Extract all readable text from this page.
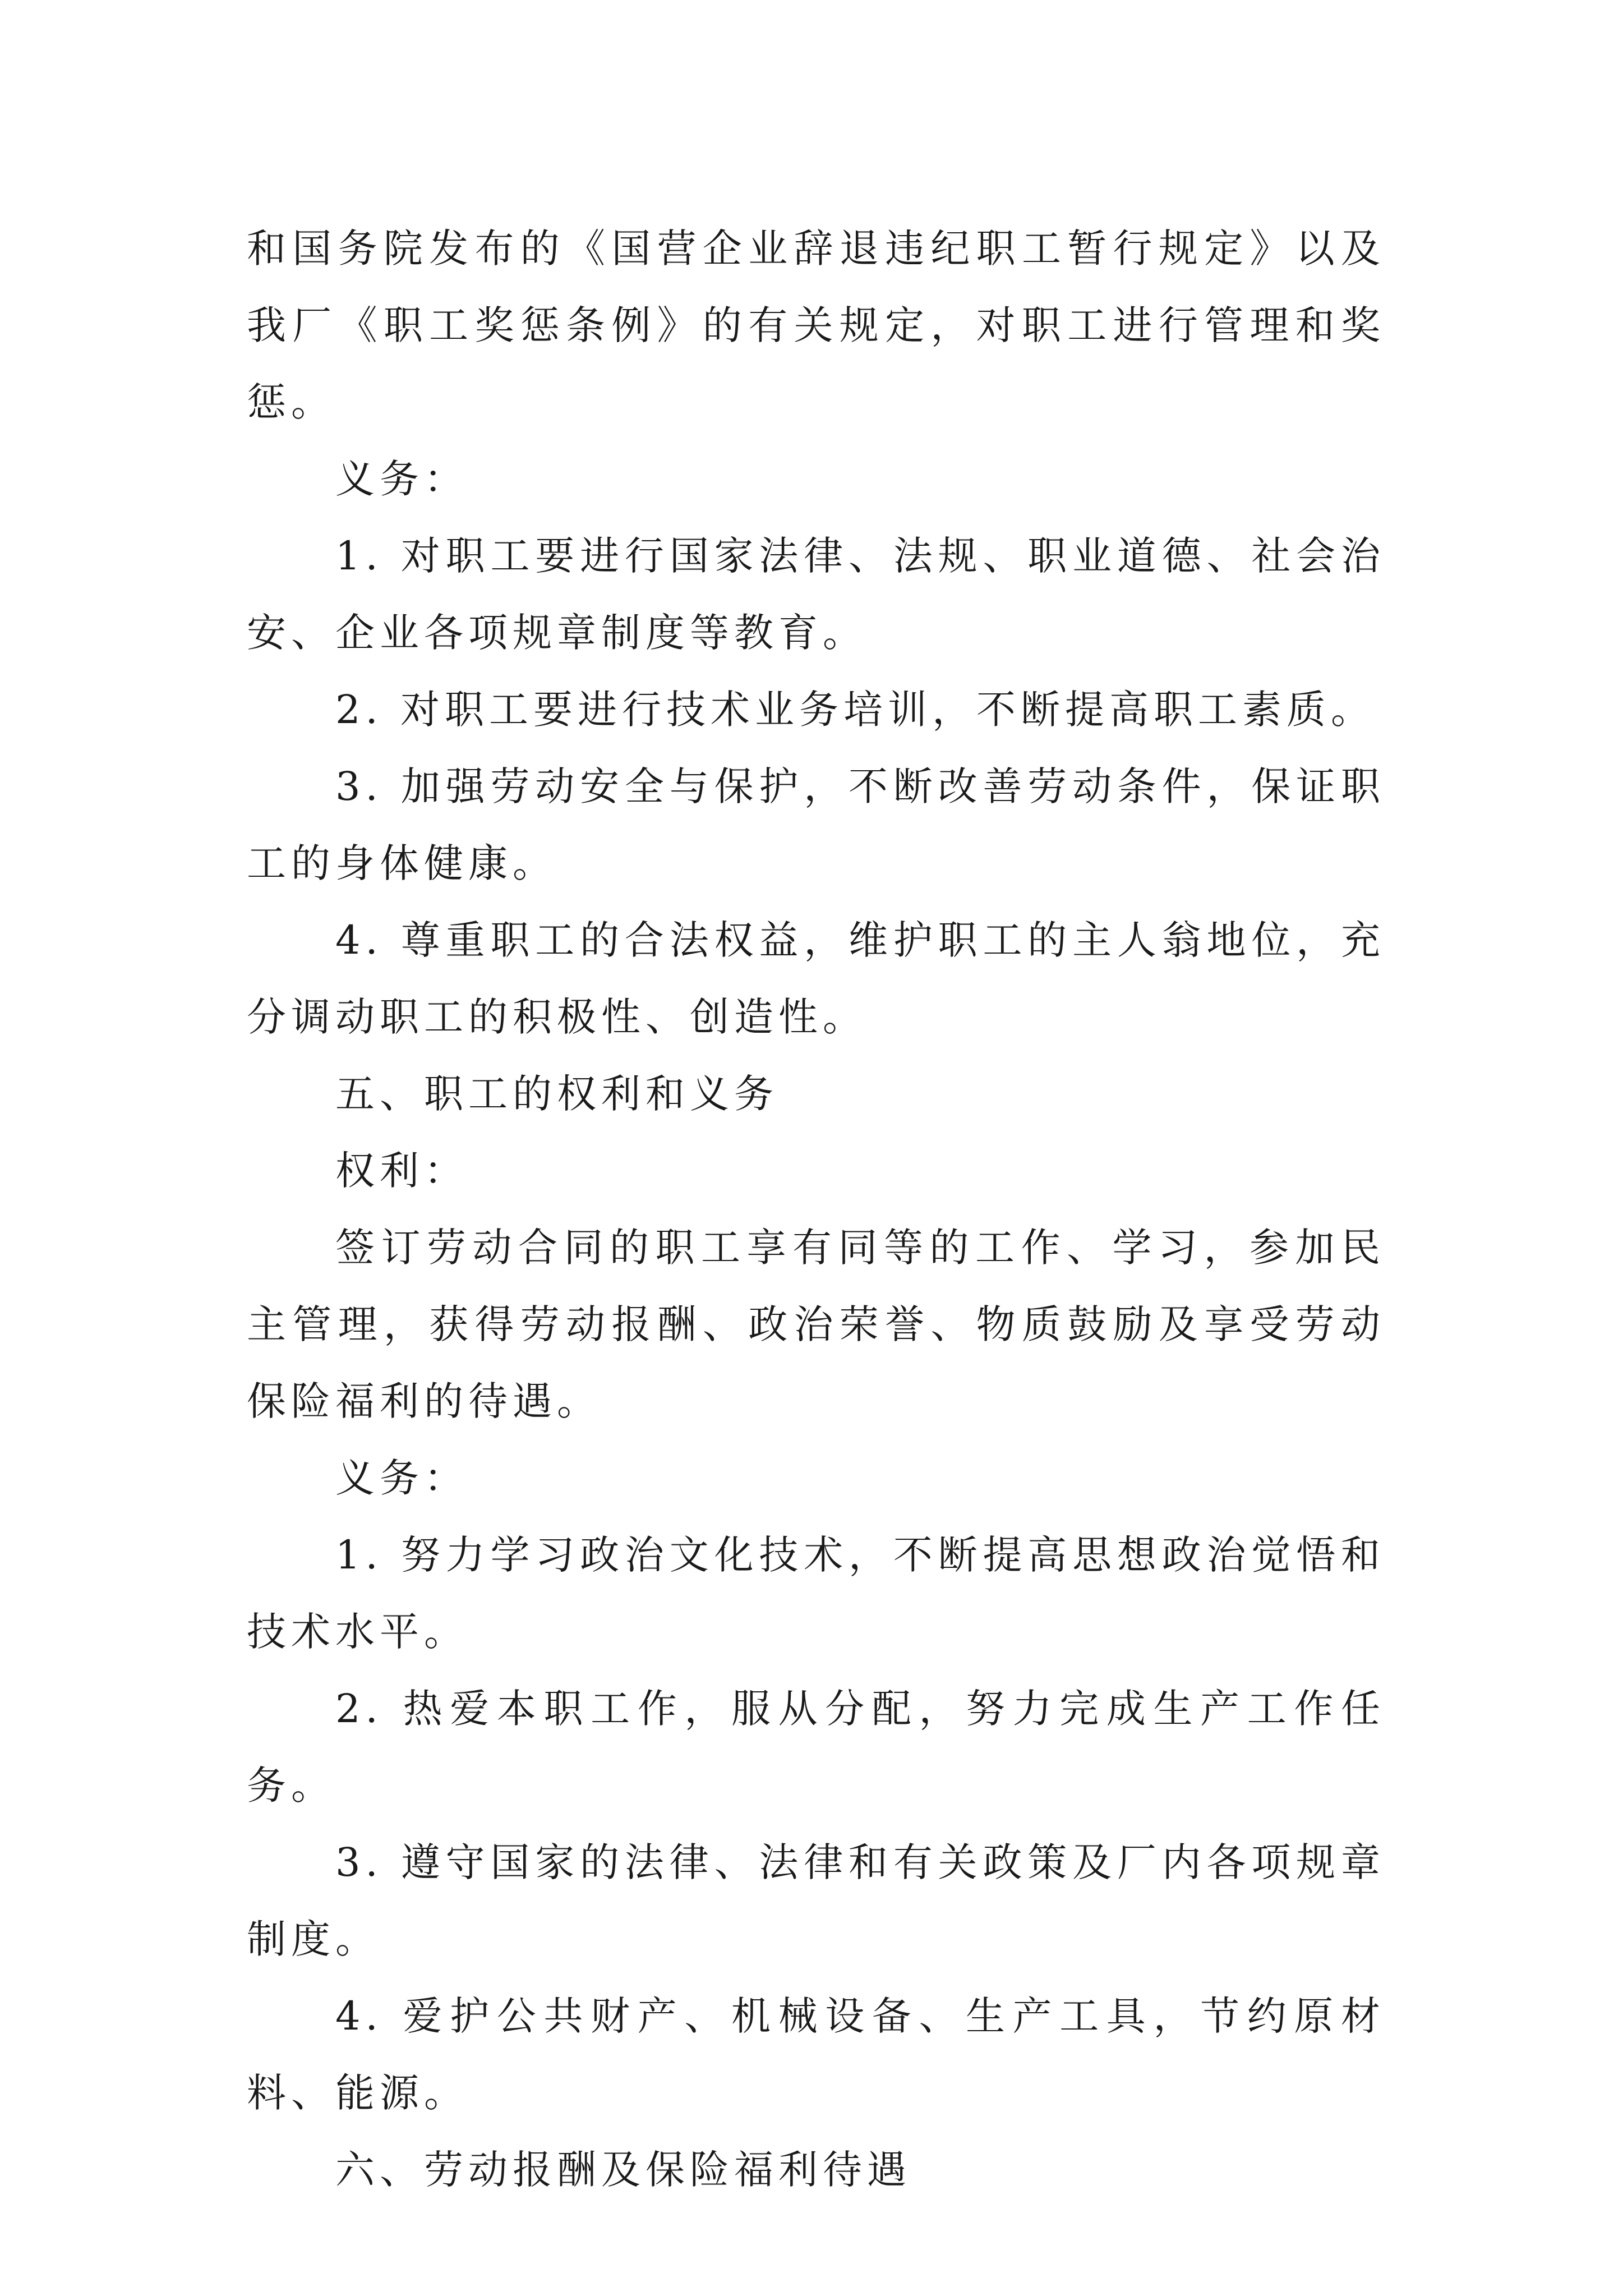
和国务院发布的《国营企业辞退违纪职工暂行规定》以及我厂《职工奖惩条例》的有关规定，对职工进行管理和奖惩。

义务：

1. 对职工要进行国家法律、法规、职业道德、社会治安、企业各项规章制度等教育。

2. 对职工要进行技术业务培训，不断提高职工素质。

3. 加强劳动安全与保护，不断改善劳动条件，保证职工的身体健康。

4. 尊重职工的合法权益，维护职工的主人翁地位，充分调动职工的积极性、创造性。

五、职工的权利和义务

权利：

签订劳动合同的职工享有同等的工作、学习，参加民主管理，获得劳动报酬、政治荣誉、物质鼓励及享受劳动保险福利的待遇。

义务：

1. 努力学习政治文化技术，不断提高思想政治觉悟和技术水平。

2. 热爱本职工作，服从分配，努力完成生产工作任务。

3. 遵守国家的法律、法律和有关政策及厂内各项规章制度。

4. 爱护公共财产、机械设备、生产工具，节约原材料、能源。

六、劳动报酬及保险福利待遇
